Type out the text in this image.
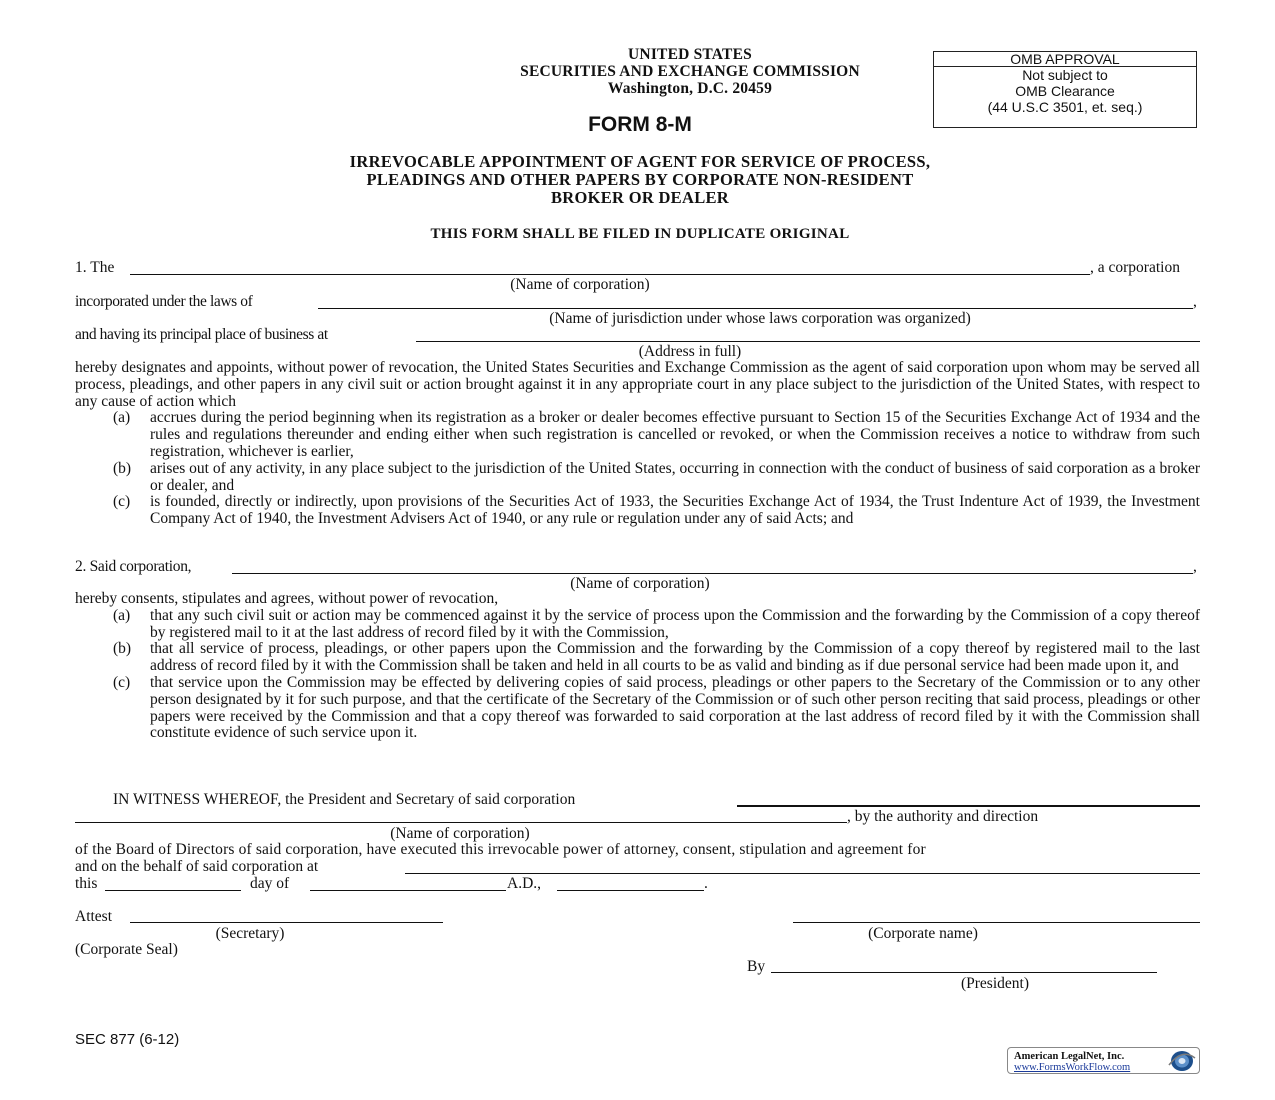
UNITED STATES
SECURITIES AND EXCHANGE COMMISSION
Washington, D.C. 20459
OMB APPROVAL
Not subject to
OMB Clearance
(44 U.S.C 3501, et. seq.)
FORM 8-M
IRREVOCABLE APPOINTMENT OF AGENT FOR SERVICE OF PROCESS,
PLEADINGS AND OTHER PAPERS BY CORPORATE NON-RESIDENT
BROKER OR DEALER
THIS FORM SHALL BE FILED IN DUPLICATE ORIGINAL
1. The	, a corporation
(Name of corporation)
incorporated under the laws of	,
(Name of jurisdiction under whose laws corporation was organized)
and having its principal place of business at
(Address in full)
hereby designates and appoints, without power of revocation, the United States Securities and Exchange Commission as the agent of said corporation upon whom may be served all process, pleadings, and other papers in any civil suit or action brought against it in any appropriate court in any place subject to the jurisdiction of the United States, with respect to any cause of action which
(a)	accrues during the period beginning when its registration as a broker or dealer becomes effective pursuant to Section 15 of the Securities Exchange Act of 1934 and the rules and regulations thereunder and ending either when such registration is cancelled or revoked, or when the Commission receives a notice to withdraw from such registration, whichever is earlier,
(b)	arises out of any activity, in any place subject to the jurisdiction of the United States, occurring in connection with the conduct of business of said corporation as a broker or dealer, and
(c)	is founded, directly or indirectly, upon provisions of the Securities Act of 1933, the Securities Exchange Act of 1934, the Trust Indenture Act of 1939, the Investment Company Act of 1940, the Investment Advisers Act of 1940, or any rule or regulation under any of said Acts; and
2. Said corporation,	,
(Name of corporation)
hereby consents, stipulates and agrees, without power of revocation,
(a)	that any such civil suit or action may be commenced against it by the service of process upon the Commission and the forwarding by the Commission of a copy thereof by registered mail to it at the last address of record filed by it with the Commission,
(b)	that all service of process, pleadings, or other papers upon the Commission and the forwarding by the Commission of a copy thereof by registered mail to the last address of record filed by it with the Commission shall be taken and held in all courts to be as valid and binding as if due personal service had been made upon it, and
(c)	that service upon the Commission may be effected by delivering copies of said process, pleadings or other papers to the Secretary of the Commission or to any other person designated by it for such purpose, and that the certificate of the Secretary of the Commission or of such other person reciting that said process, pleadings or other papers were received by the Commission and that a copy thereof was forwarded to said corporation at the last address of record filed by it with the Commission shall constitute evidence of such service upon it.
IN WITNESS WHEREOF, the President and Secretary of said corporation
, by the authority and direction
(Name of corporation)
of the Board of Directors of said corporation, have executed this irrevocable power of attorney, consent, stipulation and agreement for
and on the behalf of said corporation at
this	day of	A.D.,	.
Attest
(Secretary)	(Corporate name)
(Corporate Seal)
By
(President)
SEC 877 (6-12)
American LegalNet, Inc.
www.FormsWorkFlow.com
